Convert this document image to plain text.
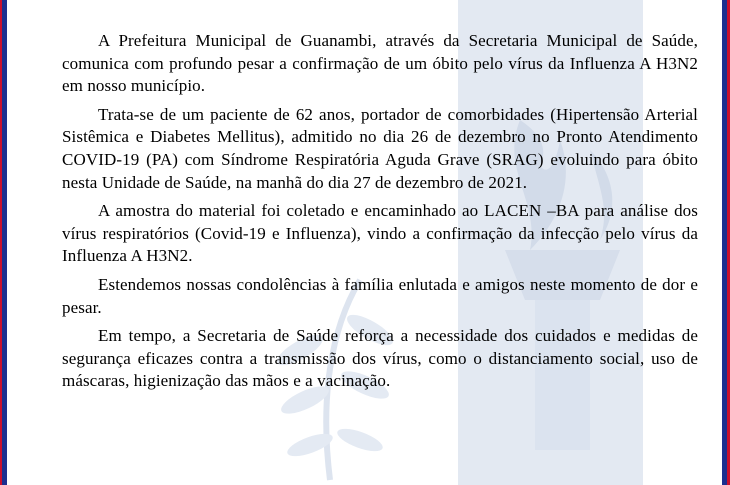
A Prefeitura Municipal de Guanambi, através da Secretaria Municipal de Saúde, comunica com profundo pesar a confirmação de um óbito pelo vírus da Influenza A H3N2 em nosso município.

Trata-se de um paciente de 62 anos, portador de comorbidades (Hipertensão Arterial Sistêmica e Diabetes Mellitus), admitido no dia 26 de dezembro no Pronto Atendimento COVID-19 (PA) com Síndrome Respiratória Aguda Grave (SRAG) evoluindo para óbito nesta Unidade de Saúde, na manhã do dia 27 de dezembro de 2021.

A amostra do material foi coletado e encaminhado ao LACEN –BA para análise dos vírus respiratórios (Covid-19 e Influenza), vindo a confirmação da infecção pelo vírus da Influenza A H3N2.

Estendemos nossas condolências à família enlutada e amigos neste momento de dor e pesar.

Em tempo, a Secretaria de Saúde reforça a necessidade dos cuidados e medidas de segurança eficazes contra a transmissão dos vírus, como o distanciamento social, uso de máscaras, higienização das mãos e a vacinação.
